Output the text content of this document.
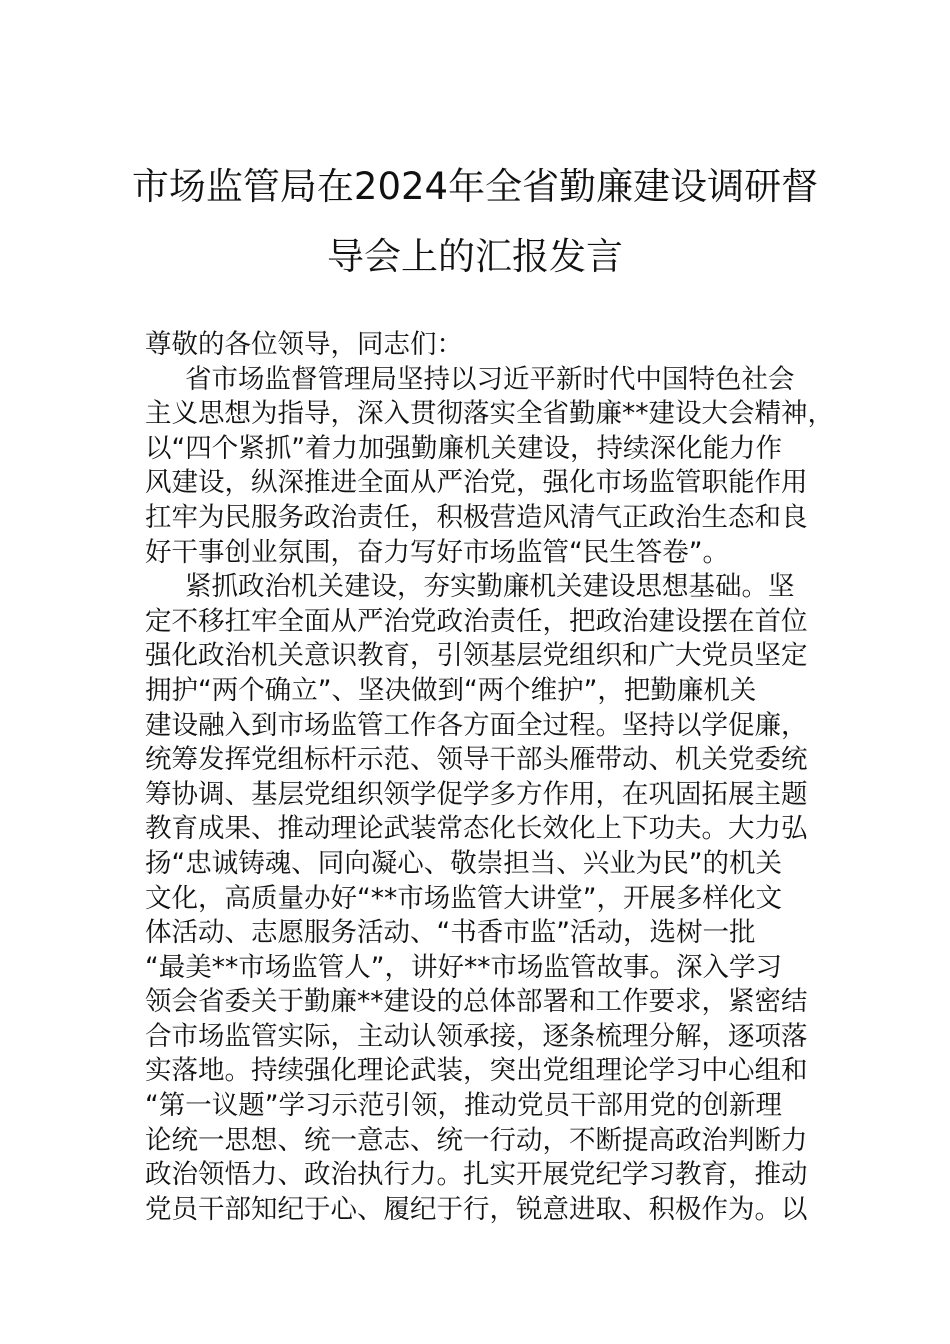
市场监管局在2024年全省勤廉建设调研督
导会上的汇报发言
尊敬的各位领导，同志们：
省市场监督管理局坚持以习近平新时代中国特色社会
主义思想为指导，深入贯彻落实全省勤廉**建设大会精神，
以“四个紧抓”着力加强勤廉机关建设，持续深化能力作
风建设，纵深推进全面从严治党，强化市场监管职能作用
扛牢为民服务政治责任，积极营造风清气正政治生态和良
好干事创业氛围，奋力写好市场监管“民生答卷”。
紧抓政治机关建设，夯实勤廉机关建设思想基础。坚
定不移扛牢全面从严治党政治责任，把政治建设摆在首位
强化政治机关意识教育，引领基层党组织和广大党员坚定
拥护“两个确立”、坚决做到“两个维护”，把勤廉机关
建设融入到市场监管工作各方面全过程。坚持以学促廉，
统筹发挥党组标杆示范、领导干部头雁带动、机关党委统
筹协调、基层党组织领学促学多方作用，在巩固拓展主题
教育成果、推动理论武装常态化长效化上下功夫。大力弘
扬“忠诚铸魂、同向凝心、敬崇担当、兴业为民”的机关
文化，高质量办好“**市场监管大讲堂”，开展多样化文
体活动、志愿服务活动、“书香市监”活动，选树一批
“最美**市场监管人”，讲好**市场监管故事。深入学习
领会省委关于勤廉**建设的总体部署和工作要求，紧密结
合市场监管实际，主动认领承接，逐条梳理分解，逐项落
实落地。持续强化理论武装，突出党组理论学习中心组和
“第一议题”学习示范引领，推动党员干部用党的创新理
论统一思想、统一意志、统一行动，不断提高政治判断力
政治领悟力、政治执行力。扎实开展党纪学习教育，推动
党员干部知纪于心、履纪于行，锐意进取、积极作为。以
